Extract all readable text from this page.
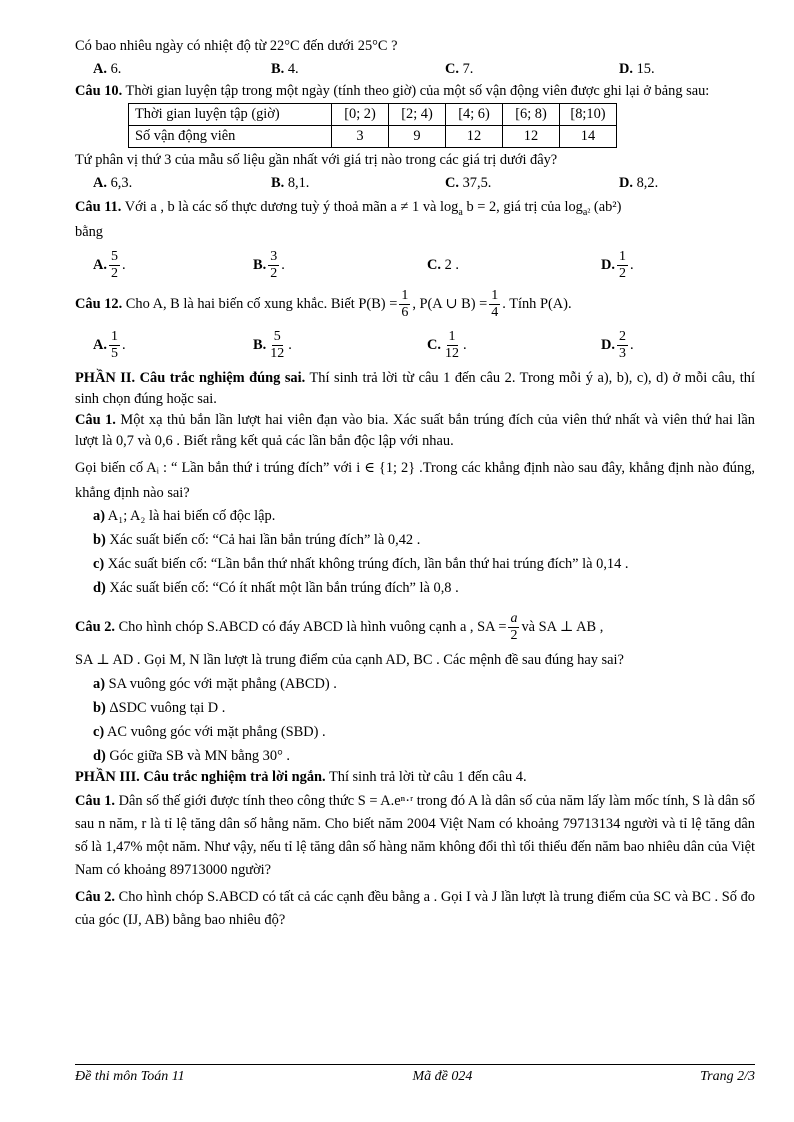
Có bao nhiêu ngày có nhiệt độ từ 22°C đến dưới 25°C ?

A. 6.	B. 4.	C. 7.	D. 15.

Câu 10. Thời gian luyện tập trong một ngày (tính theo giờ) của một số vận động viên được ghi lại ở bảng sau:

Thời gian luyện tập (giờ)	[0; 2)	[2; 4)	[4; 6)	[6; 8)	[8;10)
Số vận động viên	3	9	12	12	14

Tứ phân vị thứ 3 của mẫu số liệu gần nhất với giá trị nào trong các giá trị dưới đây?

A. 6,3.	B. 8,1.	C. 37,5.	D. 8,2.

Câu 11. Với a , b là các số thực dương tuỳ ý thoả mãn a ≠ 1 và $\log_a b = 2$, giá trị của $\log_{a^2} (ab^2)$

bằng

A. $\frac{5}{2}$ .	B. $\frac{3}{2}$ .	C.
2 .	D. $\frac{1}{2}$ .

Câu 12. Cho A, B là hai biến cố xung khắc. Biết $P(B) = \frac{1}{6}$ , P(A ∪ $B) = \frac{1}{4}$ . Tính P(A).

A. $\frac{1}{5}$ .	B. $\frac{5}{12}$ .	C. $\frac{1}{12}$ .	D. $\frac{2}{3}$ .

PHẦN II. Câu trắc nghiệm đúng sai. Thí sinh trả lời từ câu 1 đến câu 2. Trong mỗi ý a), b), c), d) ở mỗi câu, thí sinh chọn đúng hoặc sai.

Câu 1. Một xạ thủ bắn lần lượt hai viên đạn vào bia. Xác suất bắn trúng đích của viên thứ nhất và viên thứ hai lần lượt là 0,7 và 0,6 . Biết rằng kết quả các lần bắn độc lập với nhau.

Gọi biến cố Aᵢ : “ Lần bắn thứ i trúng đích” với i ∈ {1; 2} .Trong các khẳng định nào sau đây, khẳng định nào đúng, khẳng định nào sai?

a) A₁; A₂ là hai biến cố độc lập.

b) Xác suất biến cố: “Cả hai lần bắn trúng đích” là 0,42 .

c) Xác suất biến cố: “Lần bắn thứ nhất không trúng đích, lần bắn thứ hai trúng đích” là 0,14 .

d) Xác suất biến cố: “Có ít nhất một lần bắn trúng đích” là 0,8 .

Câu 2. Cho hình chóp S.ABCD có đáy ABCD là hình vuông cạnh a , SA = $\frac{a}{2}$ và SA ⊥ AB ,

SA ⊥ AD . Gọi M, N lần lượt là trung điểm của cạnh AD, BC . Các mệnh đề sau đúng hay sai?

a) SA vuông góc với mặt phẳng (ABCD) .

b) ΔSDC vuông tại D .

c) AC vuông góc với mặt phẳng (SBD) .

d) Góc giữa SB và MN bằng 30° .

PHẦN III. Câu trắc nghiệm trả lời ngắn. Thí sinh trả lời từ câu 1 đến câu 4.

Câu 1. Dân số thế giới được tính theo công thức S = A.eⁿ·ʳ trong đó A là dân số của năm lấy làm mốc tính, S là dân số sau n năm, r là tỉ lệ tăng dân số hằng năm. Cho biết năm 2004 Việt Nam có khoảng 79713134 người và tỉ lệ tăng dân số là 1,47% một năm. Như vậy, nếu tỉ lệ tăng dân số hàng năm không đổi thì tối thiểu đến năm bao nhiêu dân của Việt Nam có khoảng 89713000 người?

Câu 2. Cho hình chóp S.ABCD có tất cả các cạnh đều bằng a . Gọi I và J lần lượt là trung điểm của SC và BC . Số đo của góc (IJ, AB) bằng bao nhiêu độ?

Đề thi môn Toán 11	Mã đề 024	Trang 2/3
